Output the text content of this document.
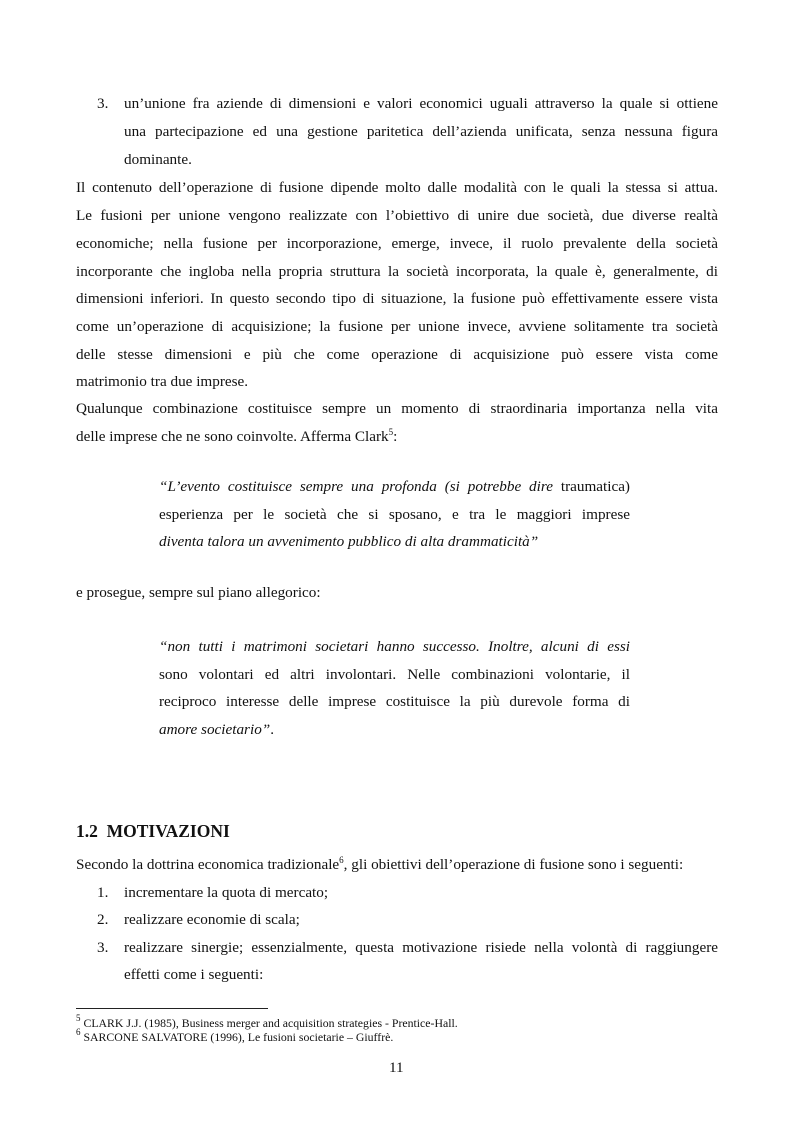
3. un’unione fra aziende di dimensioni e valori economici uguali attraverso la quale si ottiene
una partecipazione ed una gestione paritetica dell’azienda unificata, senza nessuna figura
dominante.
Il contenuto dell’operazione di fusione dipende molto dalle modalità con le quali la stessa si attua.
Le fusioni per unione vengono realizzate con l’obiettivo di unire due società, due diverse realtà
economiche; nella fusione per incorporazione, emerge, invece, il ruolo prevalente della società
incorporante che ingloba nella propria struttura la società incorporata, la quale è, generalmente, di
dimensioni inferiori. In questo secondo tipo di situazione, la fusione può effettivamente essere vista
come un’operazione di acquisizione; la fusione per unione invece, avviene solitamente tra società
delle stesse dimensioni e più che come operazione di acquisizione può essere vista come
matrimonio tra due imprese.
Qualunque combinazione costituisce sempre un momento di straordinaria importanza nella vita
delle imprese che ne sono coinvolte. Afferma Clark$^5$:
“L’evento costituisce sempre una profonda (si potrebbe dire traumatica)
esperienza per le società che si sposano, e tra le maggiori imprese
diventa talora un avvenimento pubblico di alta drammaticità”
e prosegue, sempre sul piano allegorico:
“non tutti i matrimoni societari hanno successo. Inoltre, alcuni di essi
sono volontari ed altri involontari. Nelle combinazioni volontarie, il
reciproco interesse delle imprese costituisce la più durevole forma di
amore societario”.
1.2 MOTIVAZIONI
Secondo la dottrina economica tradizionale$^6$, gli obiettivi dell’operazione di fusione sono i seguenti:
1. incrementare la quota di mercato;
2. realizzare economie di scala;
3. realizzare sinergie; essenzialmente, questa motivazione risiede nella volontà di raggiungere
effetti come i seguenti:
$^5$ CLARK J.J. (1985), Business merger and acquisition strategies - Prentice-Hall.
$^6$ SARCONE SALVATORE (1996), Le fusioni societarie – Giuffrè.
11
